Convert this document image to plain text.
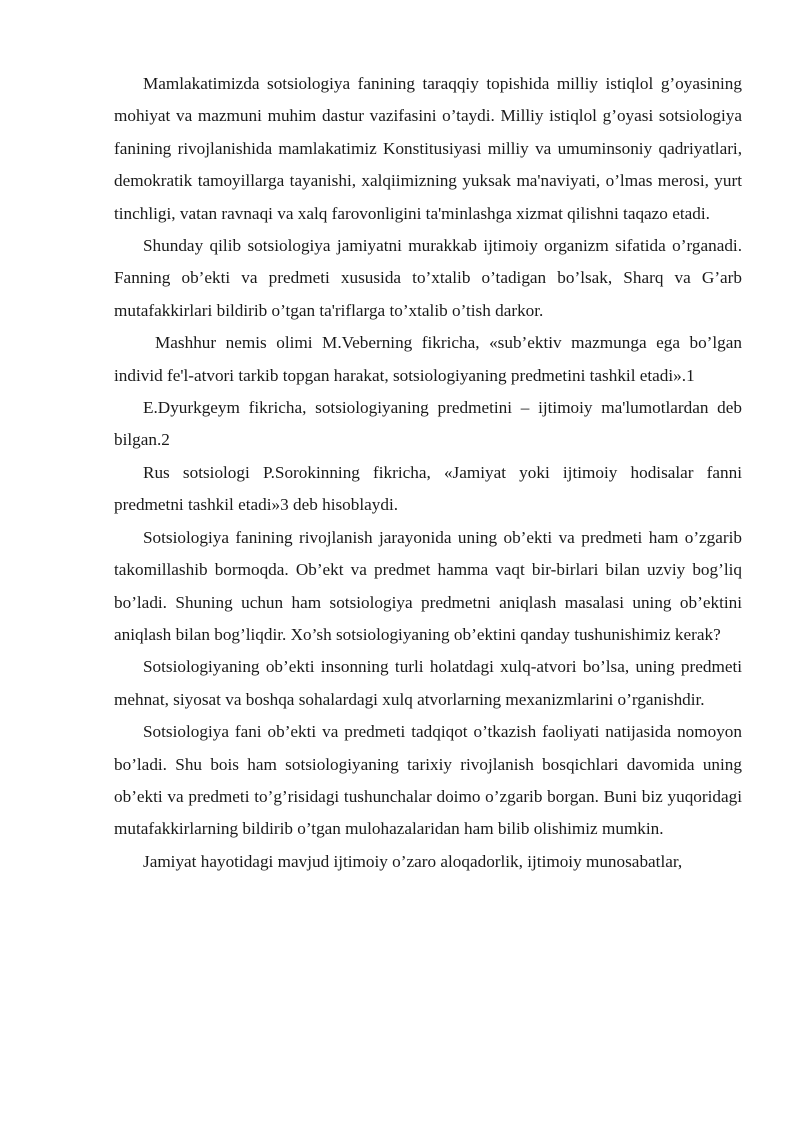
Mamlakatimizda sotsiologiya fanining taraqqiy topishida milliy istiqlol g’oyasining mohiyat va mazmuni muhim dastur vazifasini o’taydi. Milliy istiqlol g’oyasi sotsiologiya fanining rivojlanishida mamlakatimiz Konstitusiyasi milliy va umuminsoniy qadriyatlari, demokratik tamoyillarga tayanishi, xalqiimizning yuksak ma'naviyati, o’lmas merosi, yurt tinchligi, vatan ravnaqi va xalq farovonligini ta'minlashga xizmat qilishni taqazo etadi.

Shunday qilib sotsiologiya jamiyatni murakkab ijtimoiy organizm sifatida o’rganadi. Fanning ob’ekti va predmeti xususida to’xtalib o’tadigan bo’lsak, Sharq va G’arb mutafakkirlari bildirib o’tgan ta'riflarga to’xtalib o’tish darkor.

Mashhur nemis olimi M.Veberning fikricha, «sub’ektiv mazmunga ega bo’lgan individ fe'l-atvori tarkib topgan harakat, sotsiologiyaning predmetini tashkil etadi».1

E.Dyurkgeym fikricha, sotsiologiyaning predmetini – ijtimoiy ma'lumotlardan deb bilgan.2

Rus sotsiologi P.Sorokinning fikricha, «Jamiyat yoki ijtimoiy hodisalar fanni predmetni tashkil etadi»3 deb hisoblaydi.

Sotsiologiya fanining rivojlanish jarayonida uning ob’ekti va predmeti ham o’zgarib takomillashib bormoqda. Ob’ekt va predmet hamma vaqt bir-birlari bilan uzviy bog’liq bo’ladi. Shuning uchun ham sotsiologiya predmetni aniqlash masalasi uning ob’ektini aniqlash bilan bog’liqdir. Xo’sh sotsiologiyaning ob’ektini qanday tushunishimiz kerak?

Sotsiologiyaning ob’ekti insonning turli holatdagi xulq-atvori bo’lsa, uning predmeti mehnat, siyosat va boshqa sohalardagi xulq atvorlarning mexanizmlarini o’rganishdir.

Sotsiologiya fani ob’ekti va predmeti tadqiqot o’tkazish faoliyati natijasida nomoyon bo’ladi. Shu bois ham sotsiologiyaning tarixiy rivojlanish bosqichlari davomida uning ob’ekti va predmeti to’g’risidagi tushunchalar doimo o’zgarib borgan. Buni biz yuqoridagi mutafakkirlarning bildirib o’tgan mulohazalaridan ham bilib olishimiz mumkin.

Jamiyat hayotidagi mavjud ijtimoiy o’zaro aloqadorlik, ijtimoiy munosabatlar,
